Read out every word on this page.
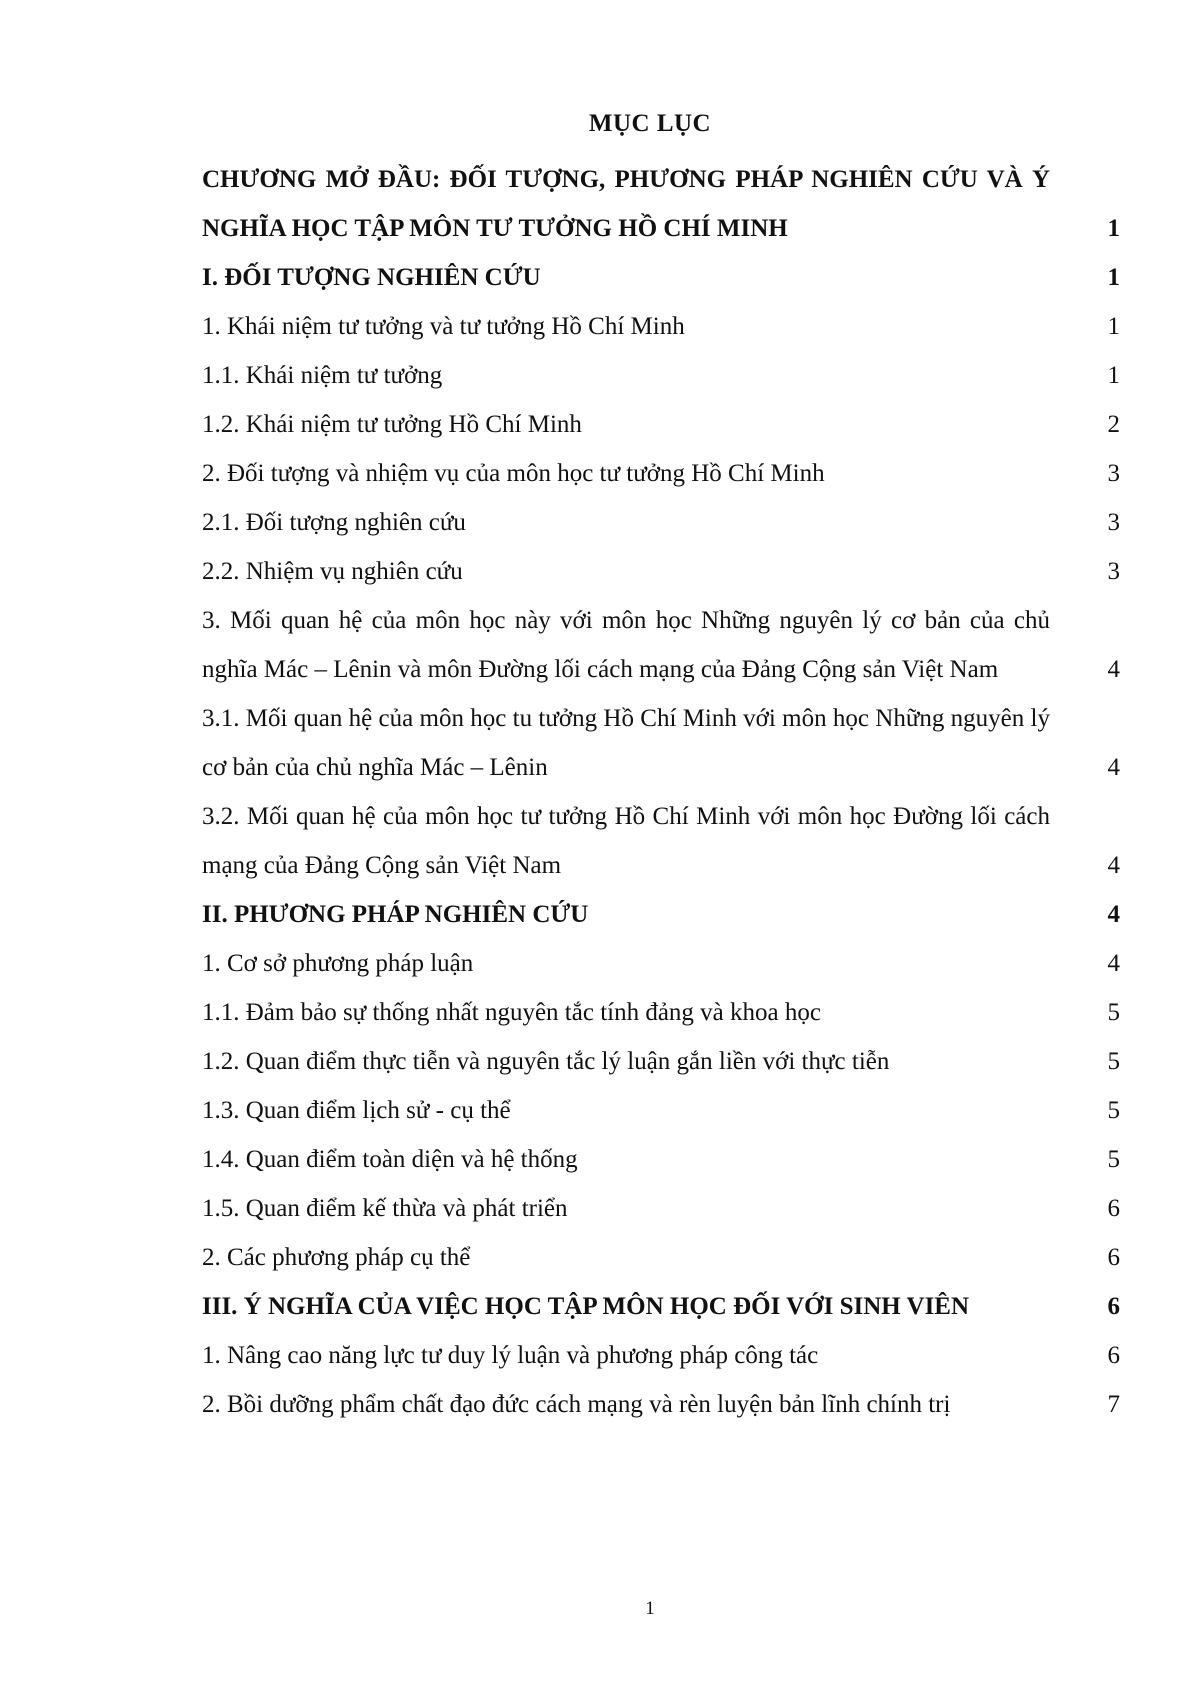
MỤC LỤC
CHƯƠNG MỞ ĐẦU: ĐỐI TƯỢNG, PHƯƠNG PHÁP NGHIÊN CỨU VÀ Ý NGHĨA HỌC TẬP MÔN TƯ TƯỞNG HỒ CHÍ MINH	1
I. ĐỐI TƯỢNG NGHIÊN CỨU	1
1. Khái niệm tư tưởng và tư tưởng Hồ Chí Minh	1
1.1. Khái niệm tư tưởng	1
1.2. Khái niệm tư tưởng Hồ Chí Minh	2
2. Đối tượng và nhiệm vụ của môn học tư tưởng Hồ Chí Minh	3
2.1. Đối tượng nghiên cứu	3
2.2. Nhiệm vụ nghiên cứu	3
3. Mối quan hệ của môn học này với môn học Những nguyên lý cơ bản của chủ nghĩa Mác – Lênin và môn Đường lối cách mạng của Đảng Cộng sản Việt Nam	4
3.1. Mối quan hệ của môn học tu tưởng Hồ Chí Minh với môn học Những nguyên lý cơ bản của chủ nghĩa Mác – Lênin	4
3.2. Mối quan hệ của môn học tư tưởng Hồ Chí Minh với môn học Đường lối cách mạng của Đảng Cộng sản Việt Nam	4
II. PHƯƠNG PHÁP NGHIÊN CỨU	4
1. Cơ sở phương pháp luận	4
1.1. Đảm bảo sự thống nhất nguyên tắc tính đảng và khoa học	5
1.2. Quan điểm thực tiễn và nguyên tắc lý luận gắn liền với thực tiễn	5
1.3. Quan điểm lịch sử - cụ thể	5
1.4. Quan điểm toàn diện và hệ thống	5
1.5. Quan điểm kế thừa và phát triển	6
2. Các phương pháp cụ thể	6
III. Ý NGHĨA CỦA VIỆC HỌC TẬP MÔN HỌC ĐỐI VỚI SINH VIÊN	6
1. Nâng cao năng lực tư duy lý luận và phương pháp công tác	6
2. Bồi dưỡng phẩm chất đạo đức cách mạng và rèn luyện bản lĩnh chính trị	7
1
